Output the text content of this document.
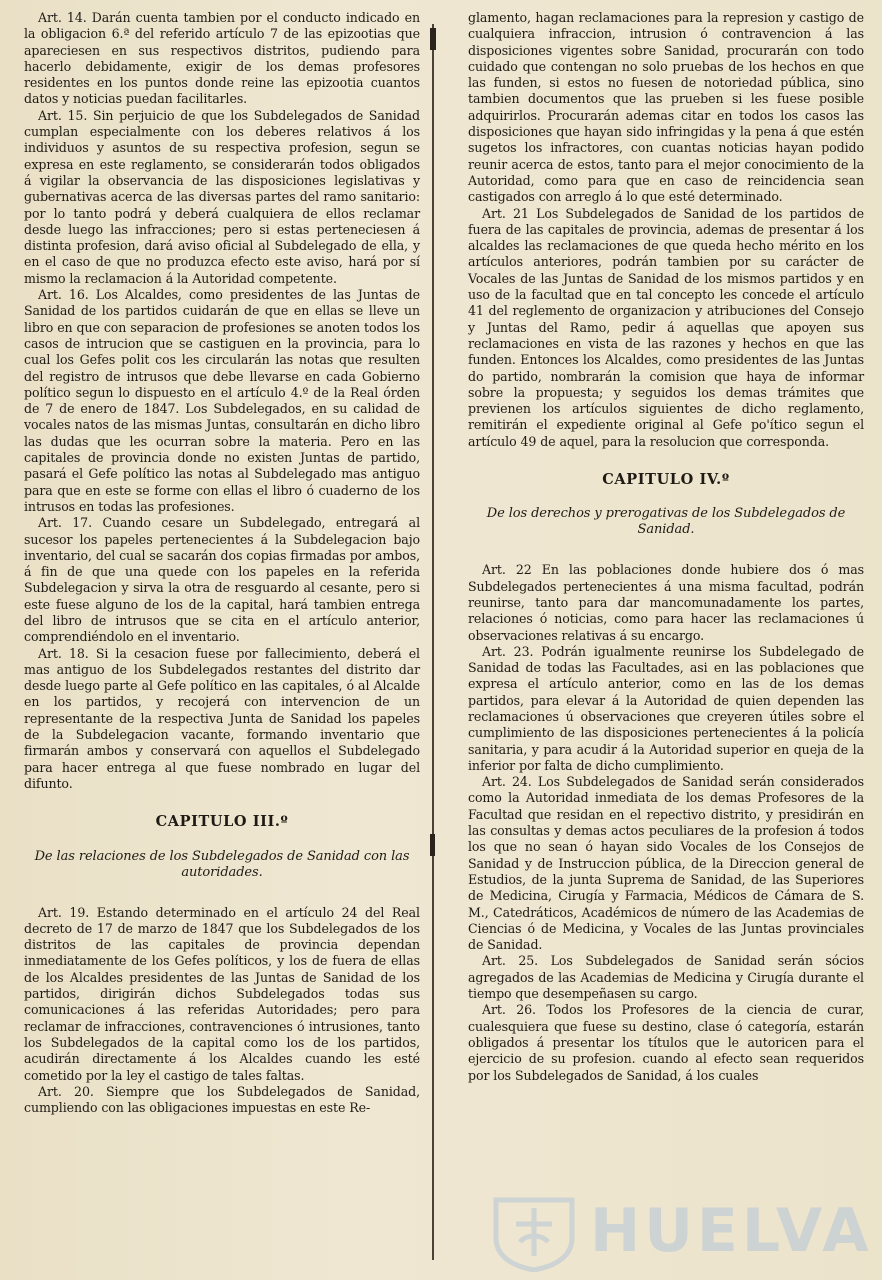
Art. 14. Darán cuenta tambien por el conducto indicado en la obligacion 6.ª del referido artículo 7 de las epizootias que apareciesen en sus respectivos distritos, pudiendo para hacerlo debidamente, exigir de los demas profesores residentes en los puntos donde reine las epizootia cuantos datos y noticias puedan facilitarles.

Art. 15. Sin perjuicio de que los Subdelegados de Sanidad cumplan especialmente con los deberes relativos á los individuos y asuntos de su respectiva profesion, segun se expresa en este reglamento, se considerarán todos obligados á vigilar la observancia de las disposiciones legislativas y gubernativas acerca de las diversas partes del ramo sanitario: por lo tanto podrá y deberá cualquiera de ellos reclamar desde luego las infracciones; pero si estas perteneciesen á distinta profesion, dará aviso oficial al Subdelegado de ella, y en el caso de que no produzca efecto este aviso, hará por sí mismo la reclamacion á la Autoridad competente.

Art. 16. Los Alcaldes, como presidentes de las Juntas de Sanidad de los partidos cuidarán de que en ellas se lleve un libro en que con separacion de profesiones se anoten todos los casos de intrucion que se castiguen en la provincia, para lo cual los Gefes polit cos les circularán las notas que resulten del registro de intrusos que debe llevarse en cada Gobierno político segun lo dispuesto en el artículo 4.º de la Real órden de 7 de enero de 1847. Los Subdelegados, en su calidad de vocales natos de las mismas Juntas, consultarán en dicho libro las dudas que les ocurran sobre la materia. Pero en las capitales de provincia donde no existen Juntas de partido, pasará el Gefe político las notas al Subdelegado mas antiguo para que en este se forme con ellas el libro ó cuaderno de los intrusos en todas las profesiones.

Art. 17. Cuando cesare un Subdelegado, entregará al sucesor los papeles pertenecientes á la Subdelegacion bajo inventario, del cual se sacarán dos copias firmadas por ambos, á fin de que una quede con los papeles en la referida Subdelegacion y sirva la otra de resguardo al cesante, pero si este fuese alguno de los de la capital, hará tambien entrega del libro de intrusos que se cita en el artículo anterior, comprendiéndolo en el inventario.

Art. 18. Si la cesacion fuese por fallecimiento, deberá el mas antiguo de los Subdelegados restantes del distrito dar desde luego parte al Gefe político en las capitales, ó al Alcalde en los partidos, y recojerá con intervencion de un representante de la respectiva Junta de Sanidad los papeles de la Subdelegacion vacante, formando inventario que firmarán ambos y conservará con aquellos el Subdelegado para hacer entrega al que fuese nombrado en lugar del difunto.

CAPITULO III.º
De las relaciones de los Subdelegados de Sanidad con las autoridades.

Art. 19. Estando determinado en el artículo 24 del Real decreto de 17 de marzo de 1847 que los Subdelegados de los distritos de las capitales de provincia dependan inmediatamente de los Gefes políticos, y los de fuera de ellas de los Alcaldes presidentes de las Juntas de Sanidad de los partidos, dirigirán dichos Subdelegados todas sus comunicaciones á las referidas Autoridades; pero para reclamar de infracciones, contravenciones ó intrusiones, tanto los Subdelegados de la capital como los de los partidos, acudirán directamente á los Alcaldes cuando les esté cometido por la ley el castigo de tales faltas.

Art. 20. Siempre que los Subdelegados de Sanidad, cumpliendo con las obligaciones impuestas en este Re-

glamento, hagan reclamaciones para la represion y castigo de cualquiera infraccion, intrusion ó contravencion á las disposiciones vigentes sobre Sanidad, procurarán con todo cuidado que contengan no solo pruebas de los hechos en que las funden, si estos no fuesen de notoriedad pública, sino tambien documentos que las prueben si les fuese posible adquirirlos. Procurarán ademas citar en todos los casos las disposiciones que hayan sido infringidas y la pena á que estén sugetos los infractores, con cuantas noticias hayan podido reunir acerca de estos, tanto para el mejor conocimiento de la Autoridad, como para que en caso de reincidencia sean castigados con arreglo á lo que esté determinado.

Art. 21 Los Subdelegados de Sanidad de los partidos de fuera de las capitales de provincia, ademas de presentar á los alcaldes las reclamaciones de que queda hecho mérito en los artículos anteriores, podrán tambien por su carácter de Vocales de las Juntas de Sanidad de los mismos partidos y en uso de la facultad que en tal concepto les concede el artículo 41 del reglemento de organizacion y atribuciones del Consejo y Juntas del Ramo, pedir á aquellas que apoyen sus reclamaciones en vista de las razones y hechos en que las funden. Entonces los Alcaldes, como presidentes de las Juntas do partido, nombrarán la comision que haya de informar sobre la propuesta; y seguidos los demas trámites que previenen los artículos siguientes de dicho reglamento, remitirán el expediente original al Gefe po'ítico segun el artículo 49 de aquel, para la resolucion que corresponda.

CAPITULO IV.º
De los derechos y prerogativas de los Subdelegados de Sanidad.

Art. 22 En las poblaciones donde hubiere dos ó mas Subdelegados pertenecientes á una misma facultad, podrán reunirse, tanto para dar mancomunadamente los partes, relaciones ó noticias, como para hacer las reclamaciones ú observaciones relativas á su encargo.

Art. 23. Podrán igualmente reunirse los Subdelegado de Sanidad de todas las Facultades, asi en las poblaciones que expresa el artículo anterior, como en las de los demas partidos, para elevar á la Autoridad de quien dependen las reclamaciones ú observaciones que creyeren útiles sobre el cumplimiento de las disposiciones pertenecientes á la policía sanitaria, y para acudir á la Autoridad superior en queja de la inferior por falta de dicho cumplimiento.

Art. 24. Los Subdelegados de Sanidad serán considerados como la Autoridad inmediata de los demas Profesores de la Facultad que residan en el repectivo distrito, y presidirán en las consultas y demas actos peculiares de la profesion á todos los que no sean ó hayan sido Vocales de los Consejos de Sanidad y de Instruccion pública, de la Direccion general de Estudios, de la junta Suprema de Sanidad, de las Superiores de Medicina, Cirugía y Farmacia, Médicos de Cámara de S. M., Catedráticos, Académicos de número de las Academias de Ciencias ó de Medicina, y Vocales de las Juntas provinciales de Sanidad.

Art. 25. Los Subdelegados de Sanidad serán sócios agregados de las Academias de Medicina y Cirugía durante el tiempo que desempeñasen su cargo.

Art. 26. Todos los Profesores de la ciencia de curar, cualesquiera que fuese su destino, clase ó categoría, estarán obligados á presentar los títulos que le autoricen para el ejercicio de su profesion. cuando al efecto sean requeridos por los Subdelegados de Sanidad, á los cuales

HUELVA
